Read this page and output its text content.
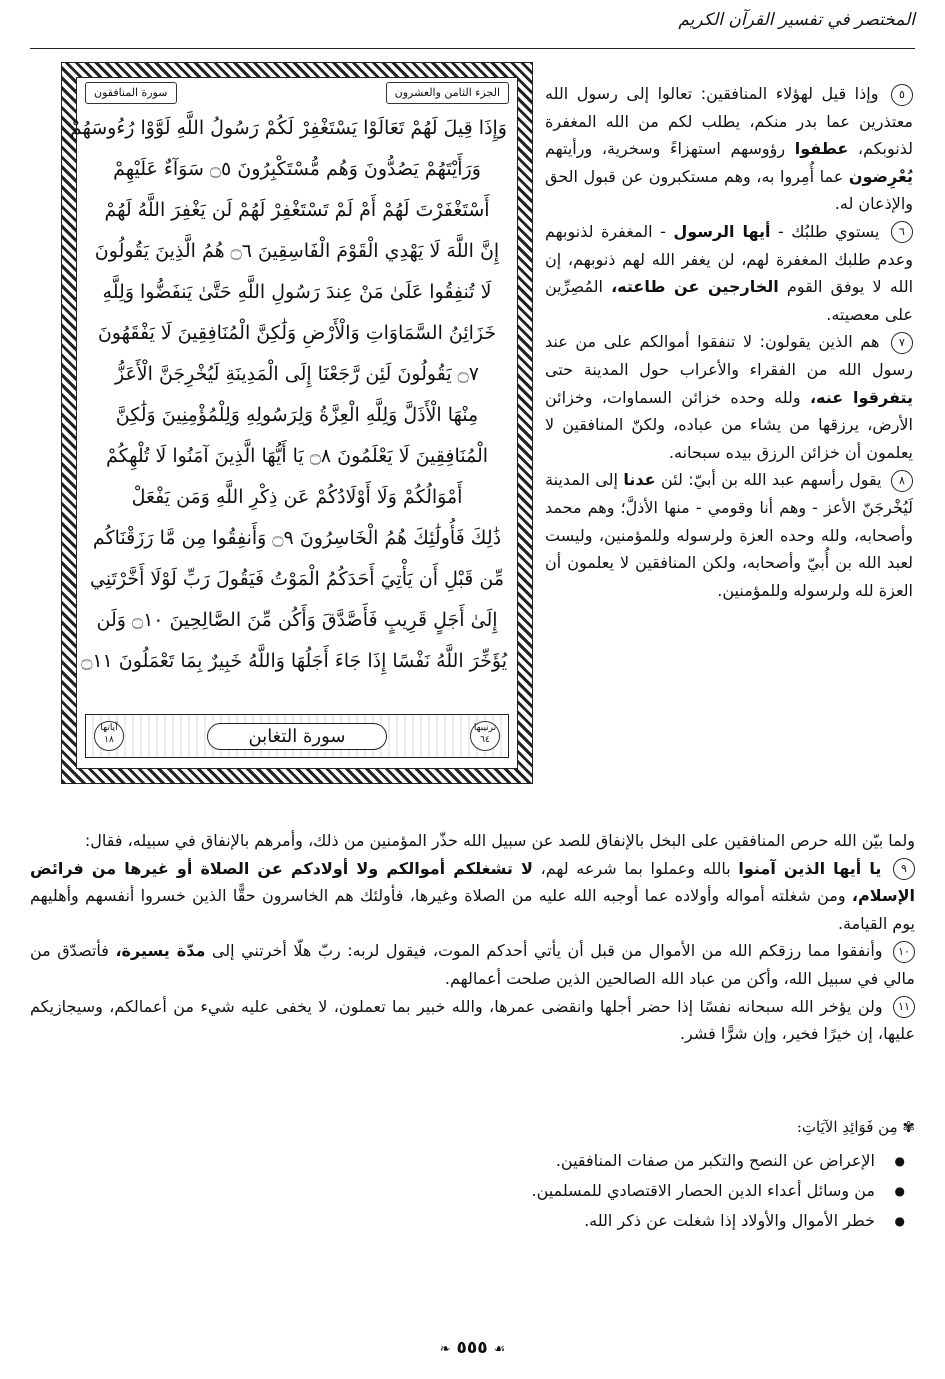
المختصر في تفسير القرآن الكريم
الجزء الثامن والعشرون
سورة المنافقون
وَإِذَا قِيلَ لَهُمْ تَعَالَوْا يَسْتَغْفِرْ لَكُمْ رَسُولُ اللَّهِ لَوَّوْا رُءُوسَهُمْ
وَرَأَيْتَهُمْ يَصُدُّونَ وَهُم مُّسْتَكْبِرُونَ ۝٥ سَوَآءٌ عَلَيْهِمْ
أَسْتَغْفَرْتَ لَهُمْ أَمْ لَمْ تَسْتَغْفِرْ لَهُمْ لَن يَغْفِرَ اللَّهُ لَهُمْ
إِنَّ اللَّهَ لَا يَهْدِي الْقَوْمَ الْفَاسِقِينَ ۝٦ هُمُ الَّذِينَ يَقُولُونَ
لَا تُنفِقُوا عَلَىٰ مَنْ عِندَ رَسُولِ اللَّهِ حَتَّىٰ يَنفَضُّوا وَلِلَّهِ
خَزَائِنُ السَّمَاوَاتِ وَالْأَرْضِ وَلَٰكِنَّ الْمُنَافِقِينَ لَا يَفْقَهُونَ
۝٧ يَقُولُونَ لَئِن رَّجَعْنَا إِلَى الْمَدِينَةِ لَيُخْرِجَنَّ الْأَعَزُّ
مِنْهَا الْأَذَلَّ وَلِلَّهِ الْعِزَّةُ وَلِرَسُولِهِ وَلِلْمُؤْمِنِينَ وَلَٰكِنَّ
الْمُنَافِقِينَ لَا يَعْلَمُونَ ۝٨ يَا أَيُّهَا الَّذِينَ آمَنُوا لَا تُلْهِكُمْ
أَمْوَالُكُمْ وَلَا أَوْلَادُكُمْ عَن ذِكْرِ اللَّهِ وَمَن يَفْعَلْ
ذَٰلِكَ فَأُولَٰئِكَ هُمُ الْخَاسِرُونَ ۝٩ وَأَنفِقُوا مِن مَّا رَزَقْنَاكُم
مِّن قَبْلِ أَن يَأْتِيَ أَحَدَكُمُ الْمَوْتُ فَيَقُولَ رَبِّ لَوْلَا أَخَّرْتَنِي
إِلَىٰ أَجَلٍ قَرِيبٍ فَأَصَّدَّقَ وَأَكُن مِّنَ الصَّالِحِينَ ۝١٠ وَلَن
يُؤَخِّرَ اللَّهُ نَفْسًا إِذَا جَاءَ أَجَلُهَا وَاللَّهُ خَبِيرٌ بِمَا تَعْمَلُونَ ۝١١
ترتيبها ٦٤
سورة التغابن
آياتها ١٨

٥ وإذا قيل لهؤلاء المنافقين: تعالوا إلى رسول الله معتذرين عما بدر منكم، يطلب لكم من الله المغفرة لذنوبكم، عطفوا رؤوسهم استهزاءً وسخرية، ورأيتهم يُعْرِضون عما أُمِروا به، وهم مستكبرون عن قبول الحق والإذعان له.

٦ يستوي طلبُك - أيها الرسول - المغفرة لذنوبهم وعدم طلبك المغفرة لهم، لن يغفر الله لهم ذنوبهم، إن الله لا يوفق القوم الخارجين عن طاعته، المُصِرِّين على معصيته.

٧ هم الذين يقولون: لا تنفقوا أموالكم على من عند رسول الله من الفقراء والأعراب حول المدينة حتى يتفرقوا عنه، ولله وحده خزائن السماوات، وخزائن الأرض، يرزقها من يشاء من عباده، ولكنّ المنافقين لا يعلمون أن خزائن الرزق بيده سبحانه.

٨ يقول رأسهم عبد الله بن أبيّ: لئن عدنا إلى المدينة لَيُخْرجَنّ الأعز - وهم أنا وقومي - منها الأذلَّ؛ وهم محمد وأصحابه، ولله وحده العزة ولرسوله وللمؤمنين، وليست لعبد الله بن أُبيّ وأصحابه، ولكن المنافقين لا يعلمون أن العزة لله ولرسوله وللمؤمنين.

ولما بيّن الله حرص المنافقين على البخل بالإنفاق للصد عن سبيل الله حذّر المؤمنين من ذلك، وأمرهم بالإنفاق في سبيله، فقال:

٩ يا أيها الذين آمنوا بالله وعملوا بما شرعه لهم، لا تشغلكم أموالكم ولا أولادكم عن الصلاة أو غيرها من فرائض الإسلام، ومن شغلته أمواله وأولاده عما أوجبه الله عليه من الصلاة وغيرها، فأولئك هم الخاسرون حقًّا الذين خسروا أنفسهم وأهليهم يوم القيامة.

١٠ وأنفقوا مما رزقكم الله من الأموال من قبل أن يأتي أحدكم الموت، فيقول لربه: ربّ هلّا أخرتني إلى مدّة يسيرة، فأتصدّق من مالي في سبيل الله، وأكن من عباد الله الصالحين الذين صلحت أعمالهم.

١١ ولن يؤخر الله سبحانه نفسًا إذا حضر أجلها وانقضى عمرها، والله خبير بما تعملون، لا يخفى عليه شيء من أعمالكم، وسيجازيكم عليها، إن خيرًا فخير، وإن شرًّا فشر.

✾ مِن فَوَائِدِ الآيَاتِ:
● الإعراض عن النصح والتكبر من صفات المنافقين.
● من وسائل أعداء الدين الحصار الاقتصادي للمسلمين.
● خطر الأموال والأولاد إذا شغلت عن ذكر الله.
❧ ٥٥٥ ☙
